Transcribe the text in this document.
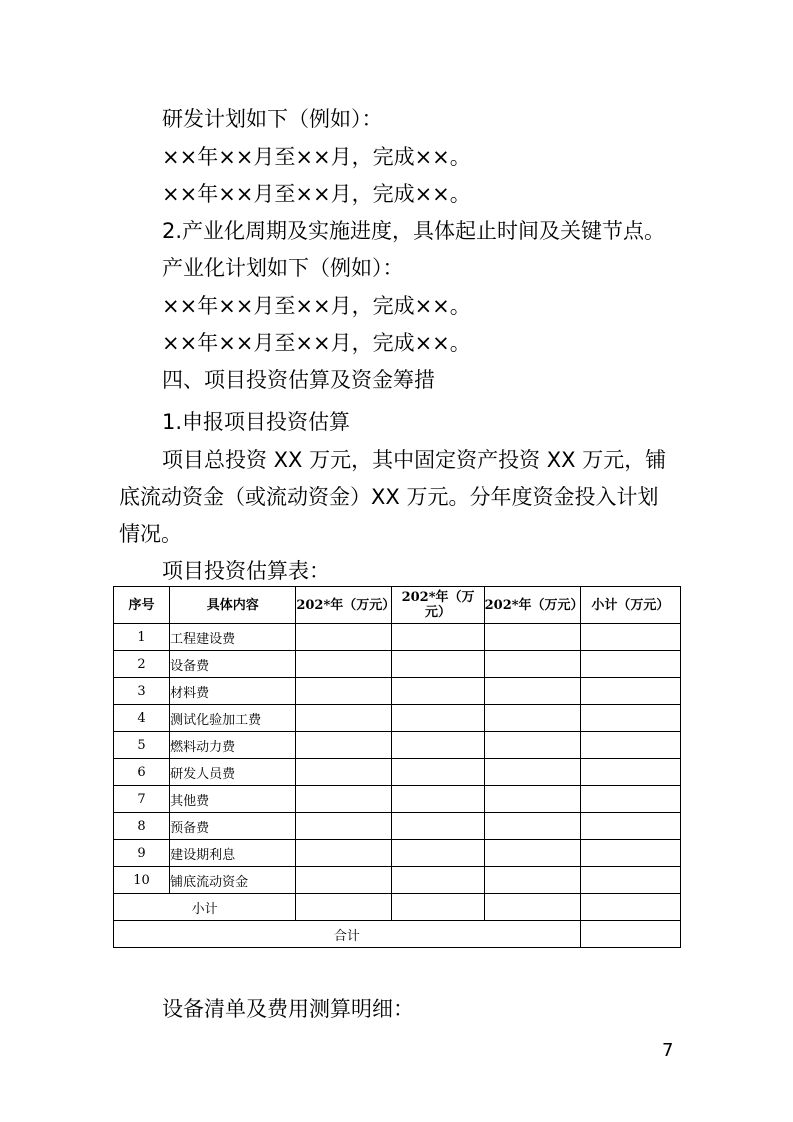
研发计划如下（例如）：
××年××月至××月，完成××。
××年××月至××月，完成××。
2.产业化周期及实施进度，具体起止时间及关键节点。
产业化计划如下（例如）：
××年××月至××月，完成××。
××年××月至××月，完成××。
四、项目投资估算及资金筹措
1.申报项目投资估算
项目总投资 XX 万元，其中固定资产投资 XX 万元，铺
底流动资金（或流动资金）XX 万元。分年度资金投入计划
情况。
项目投资估算表：
序号	具体内容	202*年（万元）	202*年（万元）	202*年（万元）	小计（万元）
1	工程建设费				
2	设备费				
3	材料费				
4	测试化验加工费				
5	燃料动力费				
6	研发人员费				
7	其他费				
8	预备费				
9	建设期利息				
10	铺底流动资金				
小计					
合计					
设备清单及费用测算明细：
7
